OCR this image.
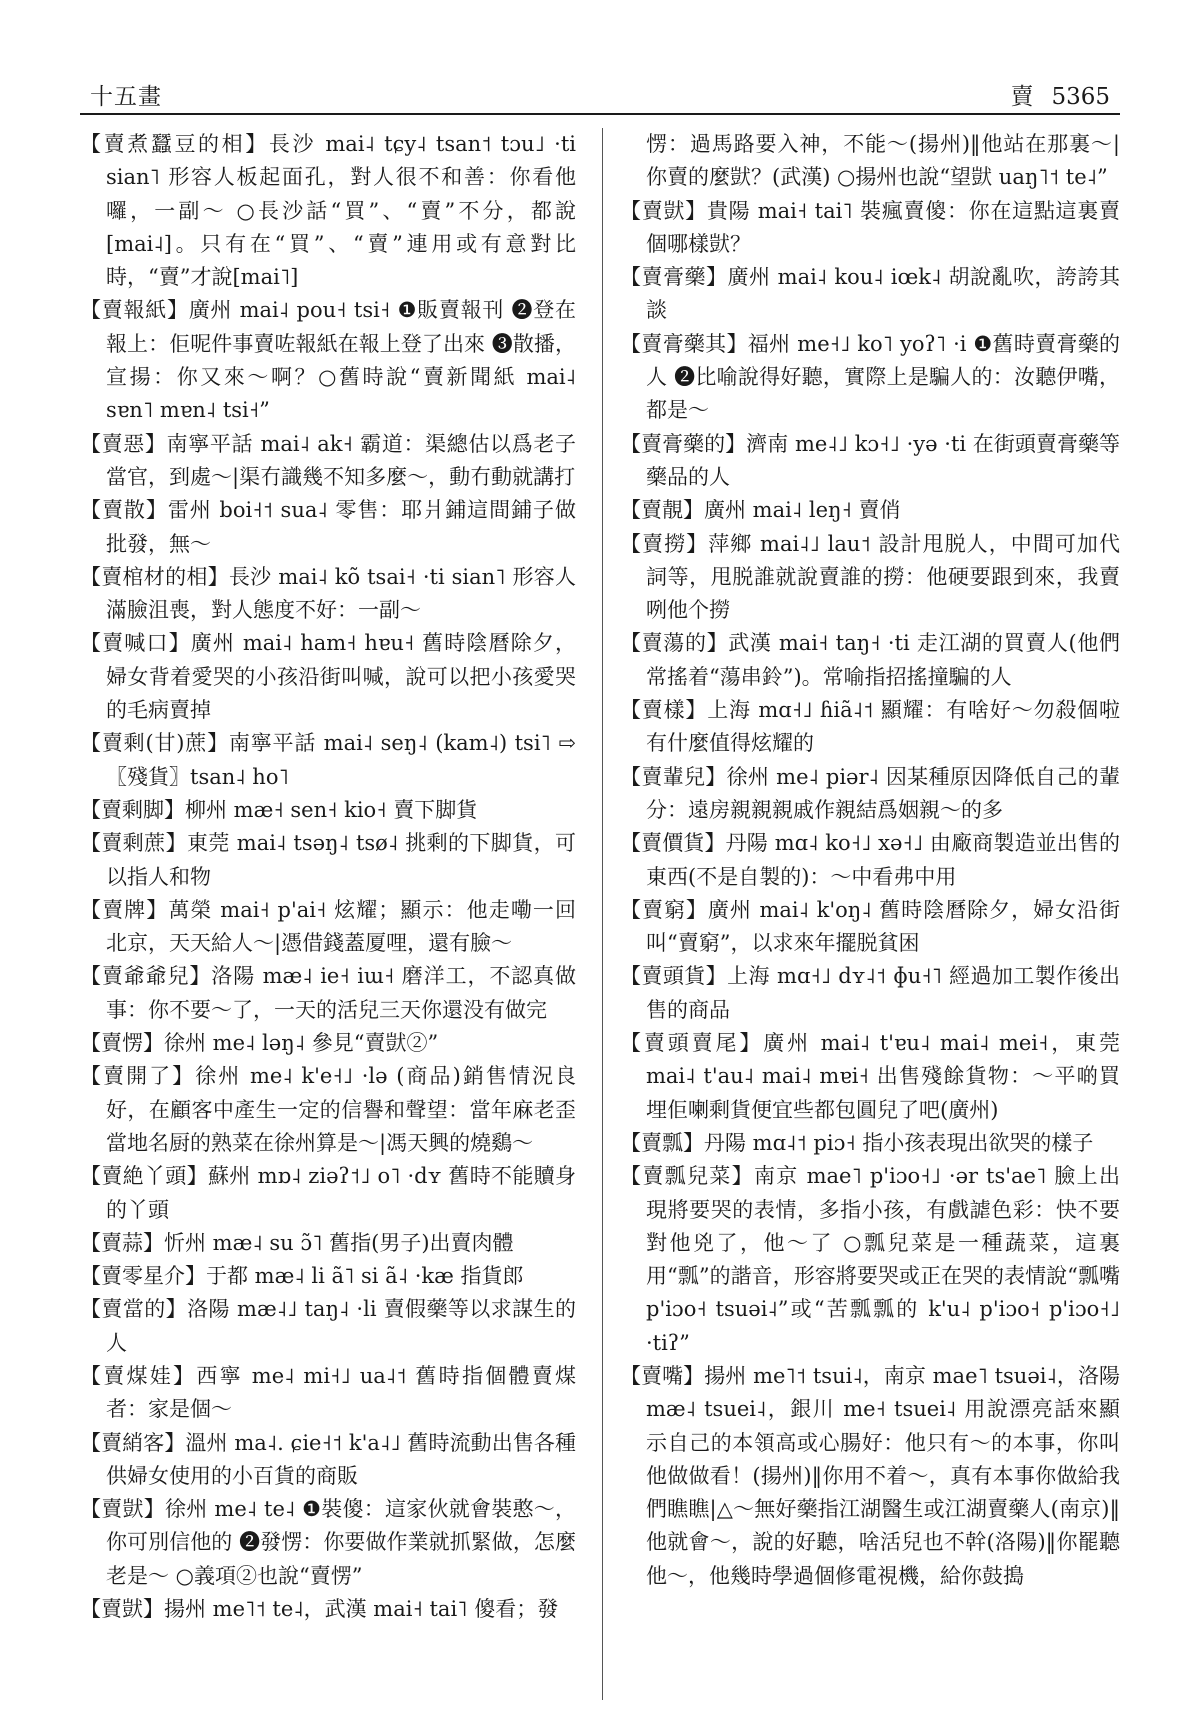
十五畫	賣 5365

【賣煮蠶豆的相】長沙 mai˨ tɕy˨ tsan˦ tɔu˩ ·ti sian˥ 形容人板起面孔，對人很不和善：你看他囉，一副～ ○長沙話“買”、“賣”不分，都說[mai˨]。只有在“買”、“賣”連用或有意對比時，“賣”才說[mai˥]

【賣報紙】廣州 mai˨ pou˧ tsi˧ ❶販賣報刊 ❷登在報上：佢呢件事賣咗報紙在報上登了出來 ❸散播，宣揚：你又來～啊？○舊時說“賣新聞紙 mai˨ sɐn˥ mɐn˨ tsi˧”

【賣惡】南寧平話 mai˨ ak˧ 霸道：渠總估以爲老子當官，到處～|渠冇識幾不知多麼～，動冇動就講打

【賣散】雷州 boi˧˦ sua˨ 零售：耶爿鋪這間鋪子做批發，無～

【賣棺材的相】長沙 mai˨ kõ tsai˧ ·ti sian˥ 形容人滿臉沮喪，對人態度不好：一副～

【賣喊口】廣州 mai˨ ham˧ hɐu˧ 舊時陰曆除夕，婦女背着愛哭的小孩沿街叫喊，說可以把小孩愛哭的毛病賣掉

【賣剩(甘)蔗】南寧平話 mai˨ seŋ˨ (kam˨) tsi˥ ⇨〖殘貨〗tsan˨ ho˥

【賣剩脚】柳州 mæ˧ sen˧ kio˧ 賣下脚貨

【賣剩蔗】東莞 mai˨ tsəŋ˨ tsø˨ 挑剩的下脚貨，可以指人和物

【賣牌】萬榮 mai˧ p'ai˧ 炫耀；顯示：他走嘞一回北京，天天給人～|憑借錢蓋厦哩，還有臉～

【賣爺爺兒】洛陽 mæ˨ ie˧ iɯ˧ 磨洋工，不認真做事：你不要～了，一天的活兒三天你還没有做完

【賣愣】徐州 me˨ ləŋ˨ 參見“賣獃②”

【賣開了】徐州 me˨ k'e˧˩ ·lə (商品)銷售情況良好，在顧客中產生一定的信譽和聲望：當年麻老歪當地名厨的熟菜在徐州算是～|馮天興的燒鷄～

【賣絶丫頭】蘇州 mɒ˨ ziəʔ˦˩ o˥ ·dʏ 舊時不能贖身的丫頭

【賣蒜】忻州 mæ˨ su ɔ̃˥ 舊指(男子)出賣肉體

【賣零星介】于都 mæ˨ li ã˥ si ã˨ ·kæ 指貨郎

【賣當的】洛陽 mæ˨˩ taŋ˨ ·li 賣假藥等以求謀生的人

【賣煤娃】西寧 me˨ mi˧˩ ua˨˦ 舊時指個體賣煤者：家是個～

【賣綃客】溫州 ma˨. ɕie˧˦ k'a˨˩ 舊時流動出售各種供婦女使用的小百貨的商販

【賣獃】徐州 me˨ te˨ ❶裝傻：這家伙就會裝憨～，你可別信他的 ❷發愣：你要做作業就抓緊做，怎麼老是～ ○義項②也說“賣愣”

【賣獃】揚州 me˥˦ te˨，武漢 mai˧ tai˥ 傻看；發

愣：過馬路要入神，不能～(揚州)‖他站在那裏～|你賣的麼獃？(武漢) ○揚州也說“望獃 uaŋ˥˦ te˨”

【賣獃】貴陽 mai˧ tai˥ 裝瘋賣傻：你在這點這裏賣個哪樣獃？

【賣膏藥】廣州 mai˨ kou˨ iœk˨ 胡說亂吹，誇誇其談

【賣膏藥其】福州 me˧˩ ko˥ yoʔ˥ ·i ❶舊時賣膏藥的人 ❷比喻說得好聽，實際上是騙人的：汝聽伊嘴，都是～

【賣膏藥的】濟南 me˨˩ kɔ˧˩ ·yə ·ti 在街頭賣膏藥等藥品的人

【賣靚】廣州 mai˨ leŋ˧ 賣俏

【賣撈】萍鄉 mai˨˩ lau˦ 設計甩脱人，中間可加代詞等，甩脱誰就說賣誰的撈：他硬要跟到來，我賣咧他个撈

【賣蕩的】武漢 mai˧ taŋ˧ ·ti 走江湖的買賣人(他們常搖着“蕩串鈴”)。常喻指招搖撞騙的人

【賣樣】上海 mɑ˧˩ ɦiã˨˦ 顯耀：有啥好～勿殺個啦有什麼值得炫耀的

【賣輩兒】徐州 me˨ piər˨ 因某種原因降低自己的輩分：遠房親親親戚作親結爲姻親～的多

【賣價貨】丹陽 mɑ˨ ko˧˩ xə˧˩ 由廠商製造並出售的東西(不是自製的)：～中看弗中用

【賣窮】廣州 mai˨ k'oŋ˨ 舊時陰曆除夕，婦女沿街叫“賣窮”，以求來年擺脱貧困

【賣頭貨】上海 mɑ˧˩ dʏ˨˦ ɸu˧˥ 經過加工製作後出售的商品

【賣頭賣尾】廣州 mai˨ t'ɐu˨ mai˨ mei˧，東莞 mai˨ t'au˨ mai˨ mɐi˧ 出售殘餘貨物：～平啲買埋佢喇剩貨便宜些都包圓兒了吧(廣州)

【賣瓢】丹陽 mɑ˨˦ piɔ˧ 指小孩表現出欲哭的樣子

【賣瓢兒菜】南京 mae˥ p'iɔo˧˩ ·ər ts'ae˥ 臉上出現將要哭的表情，多指小孩，有戲謔色彩：快不要對他兇了，他～了 ○瓢兒菜是一種蔬菜，這裏用“瓢”的諧音，形容將要哭或正在哭的表情說“瓢嘴 p'iɔo˧ tsuəi˨”或“苦瓢瓢的 k'u˨ p'iɔo˧ p'iɔo˧˩ ·tiʔ”

【賣嘴】揚州 me˥˦ tsui˨，南京 mae˥ tsuəi˨，洛陽 mæ˨ tsuei˨，銀川 me˧ tsuei˨ 用說漂亮話來顯示自己的本領高或心腸好：他只有～的本事，你叫他做做看！(揚州)‖你用不着～，真有本事你做給我們瞧瞧|△～無好藥指江湖醫生或江湖賣藥人(南京)‖他就會～，說的好聽，啥活兒也不幹(洛陽)‖你罷聽他～，他幾時學過個修電視機，給你鼓搗
